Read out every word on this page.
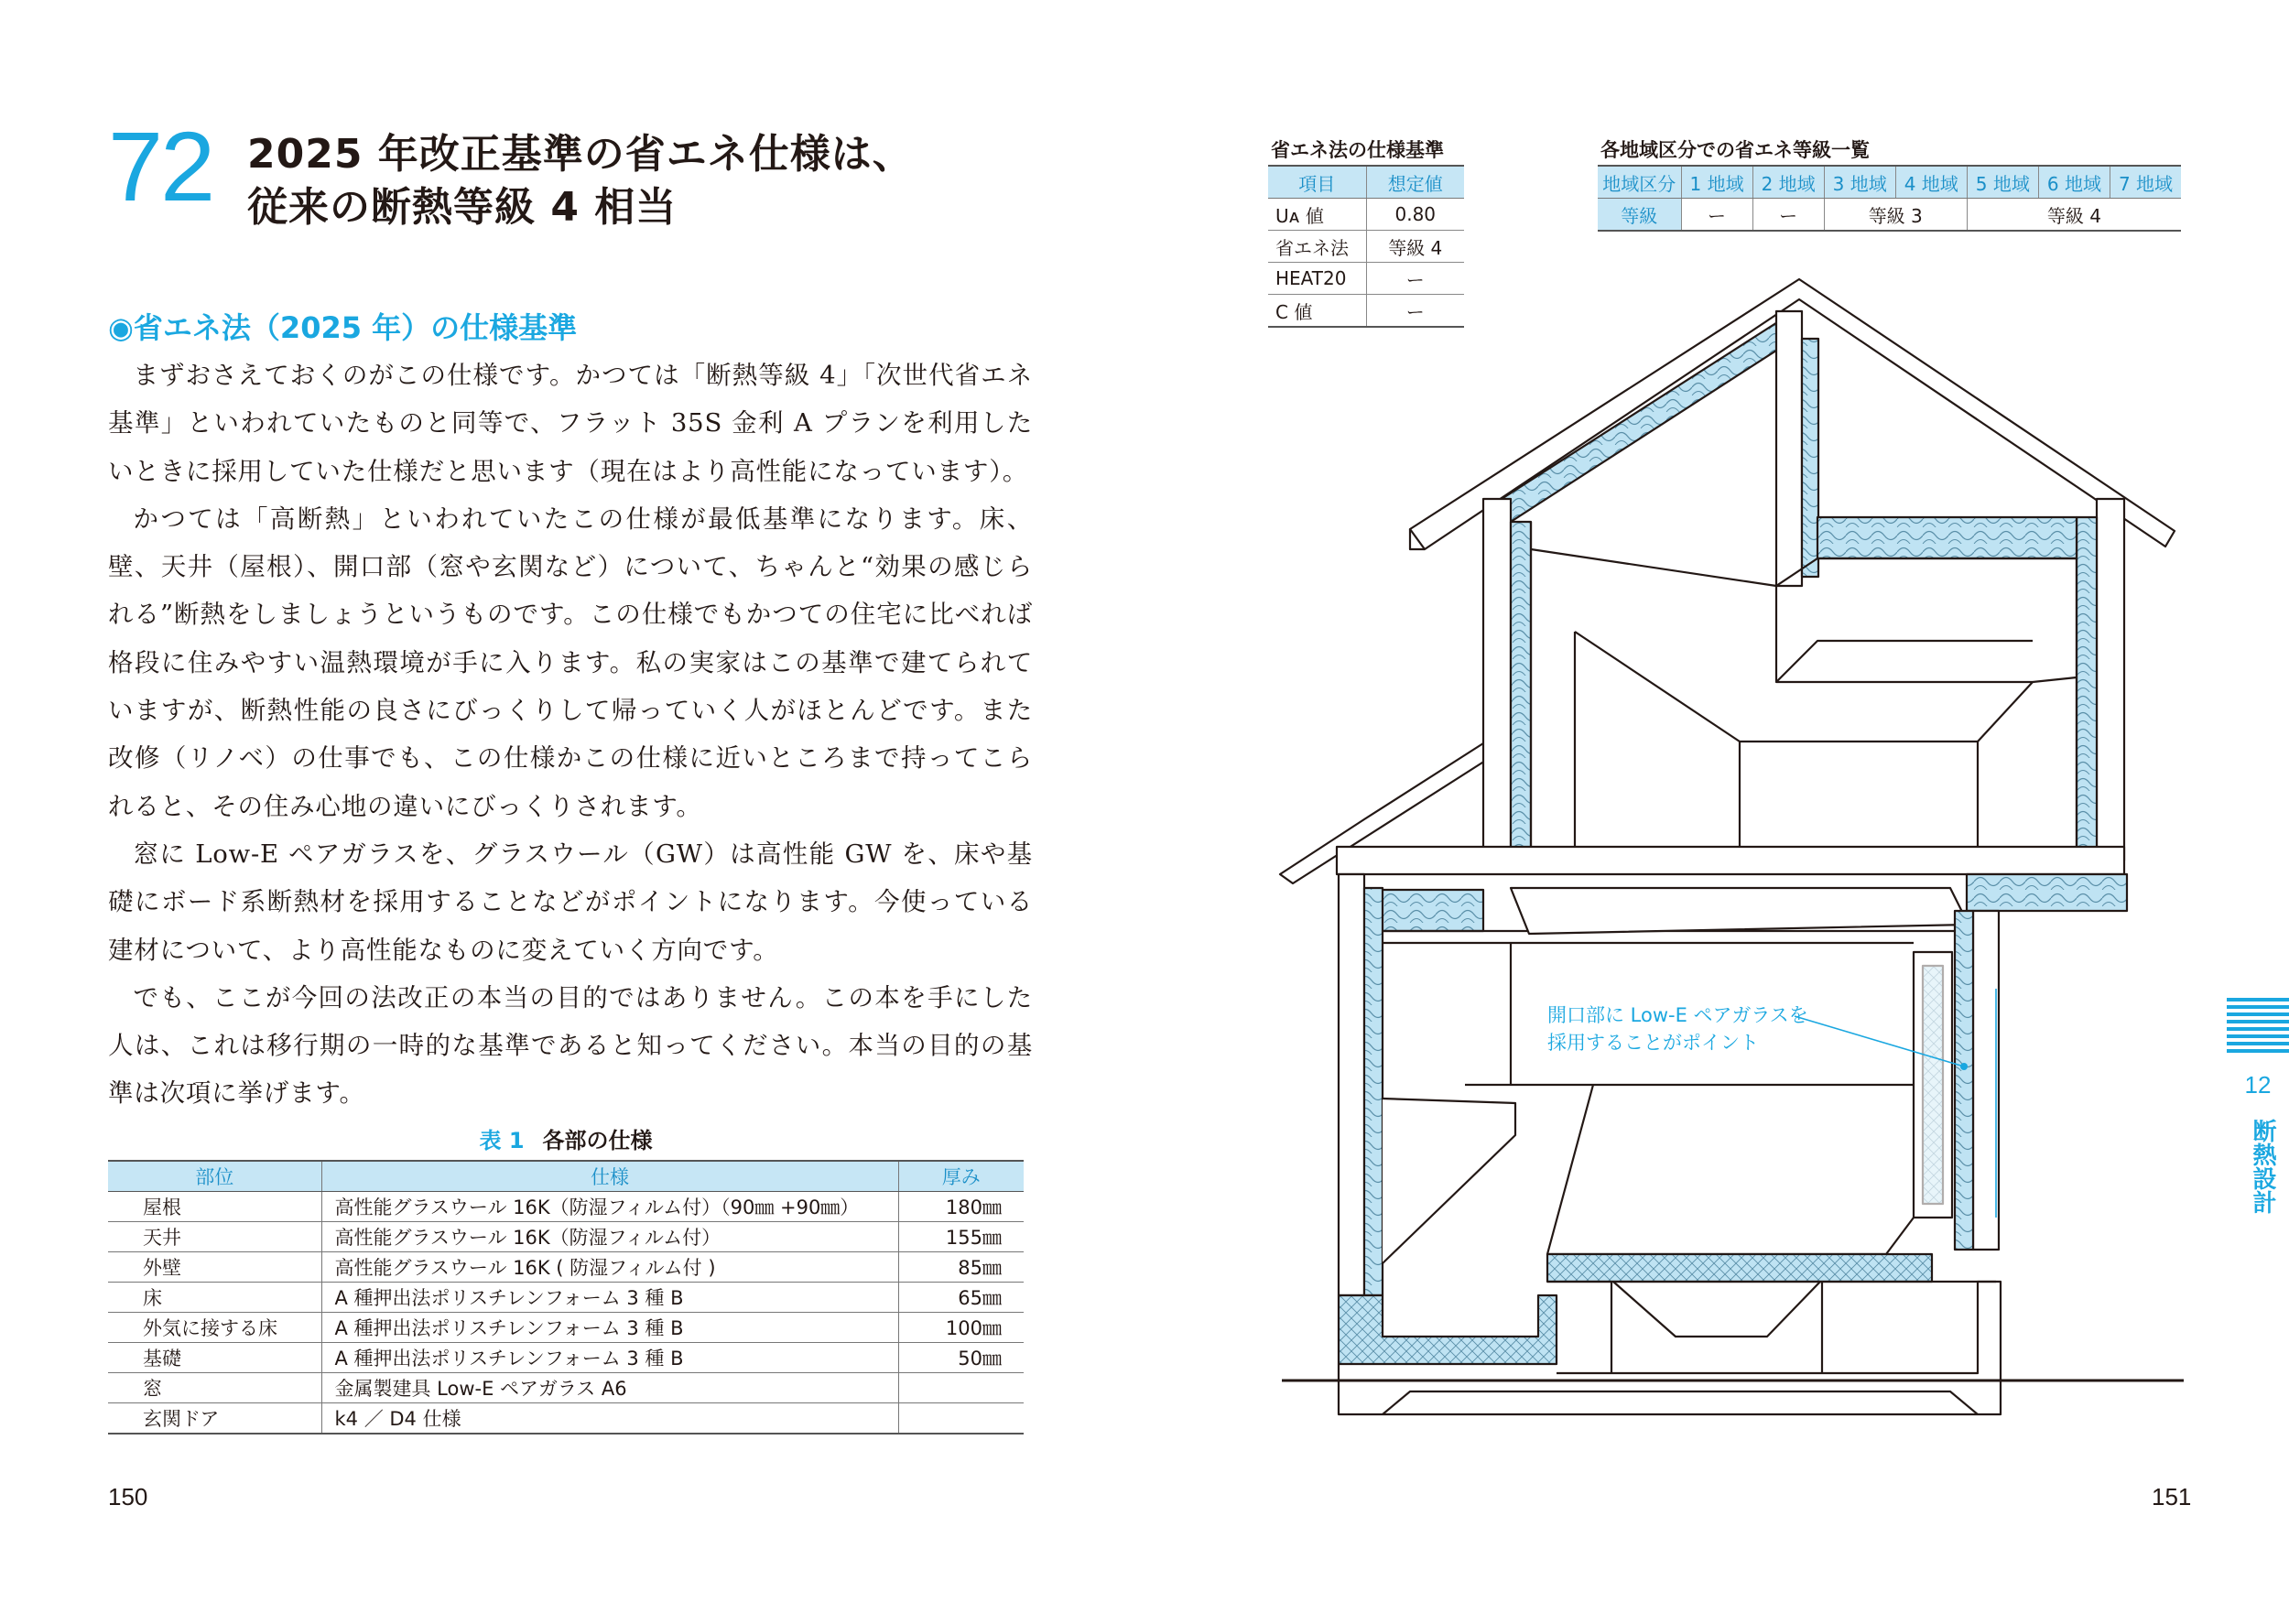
72 2025 年改正基準の省エネ仕様は、
従来の断熱等級 4 相当
◉省エネ法（2025 年）の仕様基準

まずおさえておくのがこの仕様です。かつては「断熱等級 4」「次世代省エネ基準」といわれていたものと同等で、フラット 35S 金利 A プランを利用したいときに採用していた仕様だと思います（現在はより高性能になっています）。

かつては「高断熱」といわれていたこの仕様が最低基準になります。床、壁、天井（屋根）、開口部（窓や玄関など）について、ちゃんと“効果の感じられる”断熱をしましょうというものです。この仕様でもかつての住宅に比べれば格段に住みやすい温熱環境が手に入ります。私の実家はこの基準で建てられていますが、断熱性能の良さにびっくりして帰っていく人がほとんどです。また改修（リノベ）の仕事でも、この仕様かこの仕様に近いところまで持ってこられると、その住み心地の違いにびっくりされます。

窓に Low-E ペアガラスを、グラスウール（GW）は高性能 GW を、床や基礎にボード系断熱材を採用することなどがポイントになります。今使っている建材について、より高性能なものに変えていく方向です。

でも、ここが今回の法改正の本当の目的ではありません。この本を手にした人は、これは移行期の一時的な基準であると知ってください。本当の目的の基準は次項に挙げます。

表 1 各部の仕様
部位	仕様	厚み
屋根	高性能グラスウール 16K（防湿フィルム付）（90㎜ +90㎜）	180㎜
天井	高性能グラスウール 16K（防湿フィルム付）	155㎜
外壁	高性能グラスウール 16K ( 防湿フィルム付 )	85㎜
床	A 種押出法ポリスチレンフォーム 3 種 B	65㎜
外気に接する床	A 種押出法ポリスチレンフォーム 3 種 B	100㎜
基礎	A 種押出法ポリスチレンフォーム 3 種 B	50㎜
窓	金属製建具 Low-E ペアガラス A6	
玄関ドア	k4 ／ D4 仕様	
150
省エネ法の仕様基準
項目	想定値
Uᴀ 値	0.80
省エネ法	等級 4
HEAT20	ー
C 値	ー
各地域区分での省エネ等級一覧
地域区分	1 地域	2 地域	3 地域	4 地域	5 地域	6 地域	7 地域
等級	ー	ー	等級 3		等級 4		
開口部に Low-E ペアガラスを
採用することがポイント
12
断熱設計
151
